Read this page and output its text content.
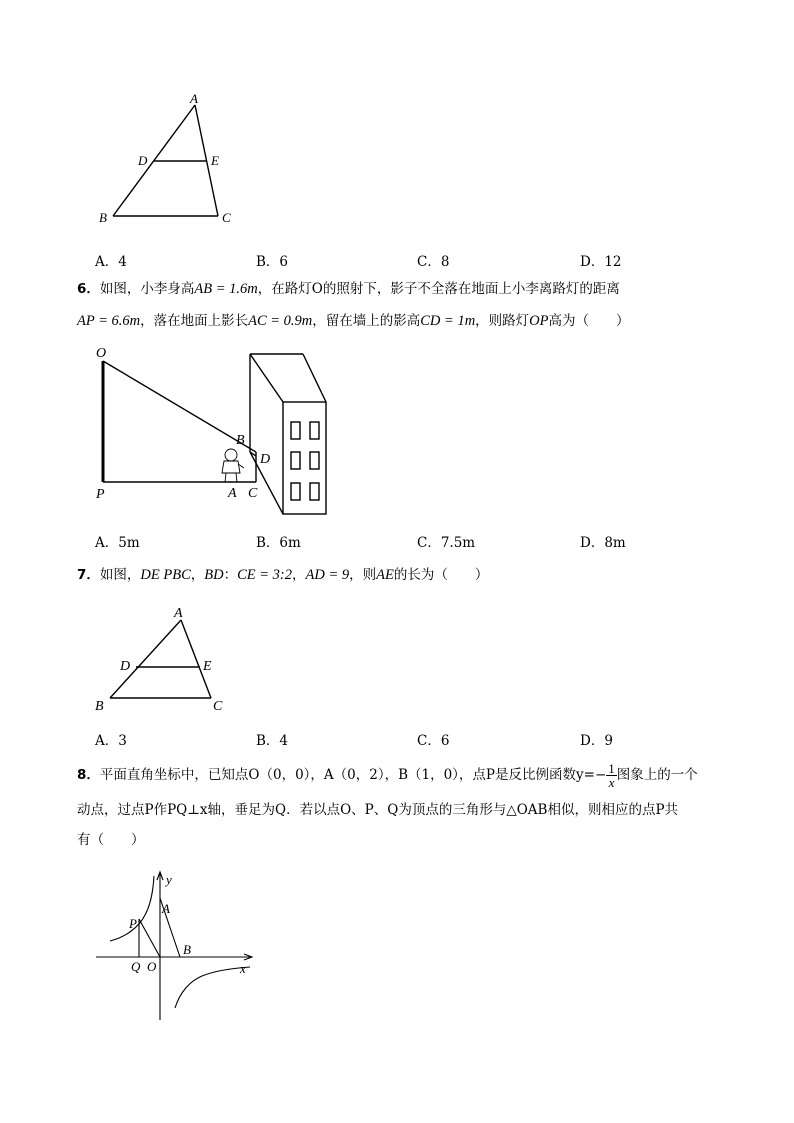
A
D	E
B	C
A．4	B．6	C．8	D．12
6．如图，小李身高AB = 1.6m，在路灯O的照射下，影子不全落在地面上小李离路灯的距离
AP = 6.6m，落在地面上影长AC = 0.9m，留在墙上的影高CD = 1m，则路灯OP高为（　　）
O
P
B
D
A C
A．5m	B．6m	C．7.5m	D．8m
7．如图，DE PBC，BD：CE = 3:2，AD = 9，则AE的长为（　　）
A
D	E
B	C
A．3	B．4	C．6	D．9
8．平面直角坐标中，已知点O（0，0），A（0，2），B（1，0），点P是反比例函数$y=- \frac{1}{x}$ 图象上的一个
动点，过点P作PQ⊥x轴，垂足为Q．若以点O、P、Q为顶点的三角形与△OAB相似，则相应的点P共
有（　　）
y
x
A
P
B
Q O
